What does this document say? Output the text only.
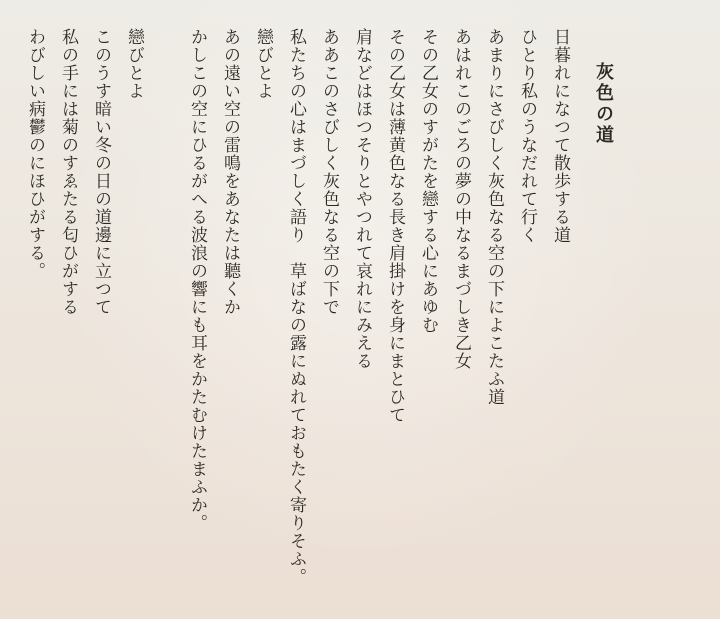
灰色の道

日暮れになつて散歩する道

ひとり私のうなだれて行く

あまりにさびしく灰色なる空の下によこたふ道

あはれこのごろの夢の中なるまづしき乙女

その乙女のすがたを戀する心にあゆむ

その乙女は薄黄色なる長き肩掛けを身にまとひて

肩などはほつそりとやつれて哀れにみえる

ああこのさびしく灰色なる空の下で

私たちの心はまづしく語り　草ばなの露にぬれておもたく寄りそふ。

戀びとよ

あの遠い空の雷鳴をあなたは聽くか

かしこの空にひるがへる波浪の響にも耳をかたむけたまふか。

戀びとよ

このうす暗い冬の日の道邊に立つて

私の手には菊のすゑたる匂ひがする

わびしい病鬱のにほひがする。
